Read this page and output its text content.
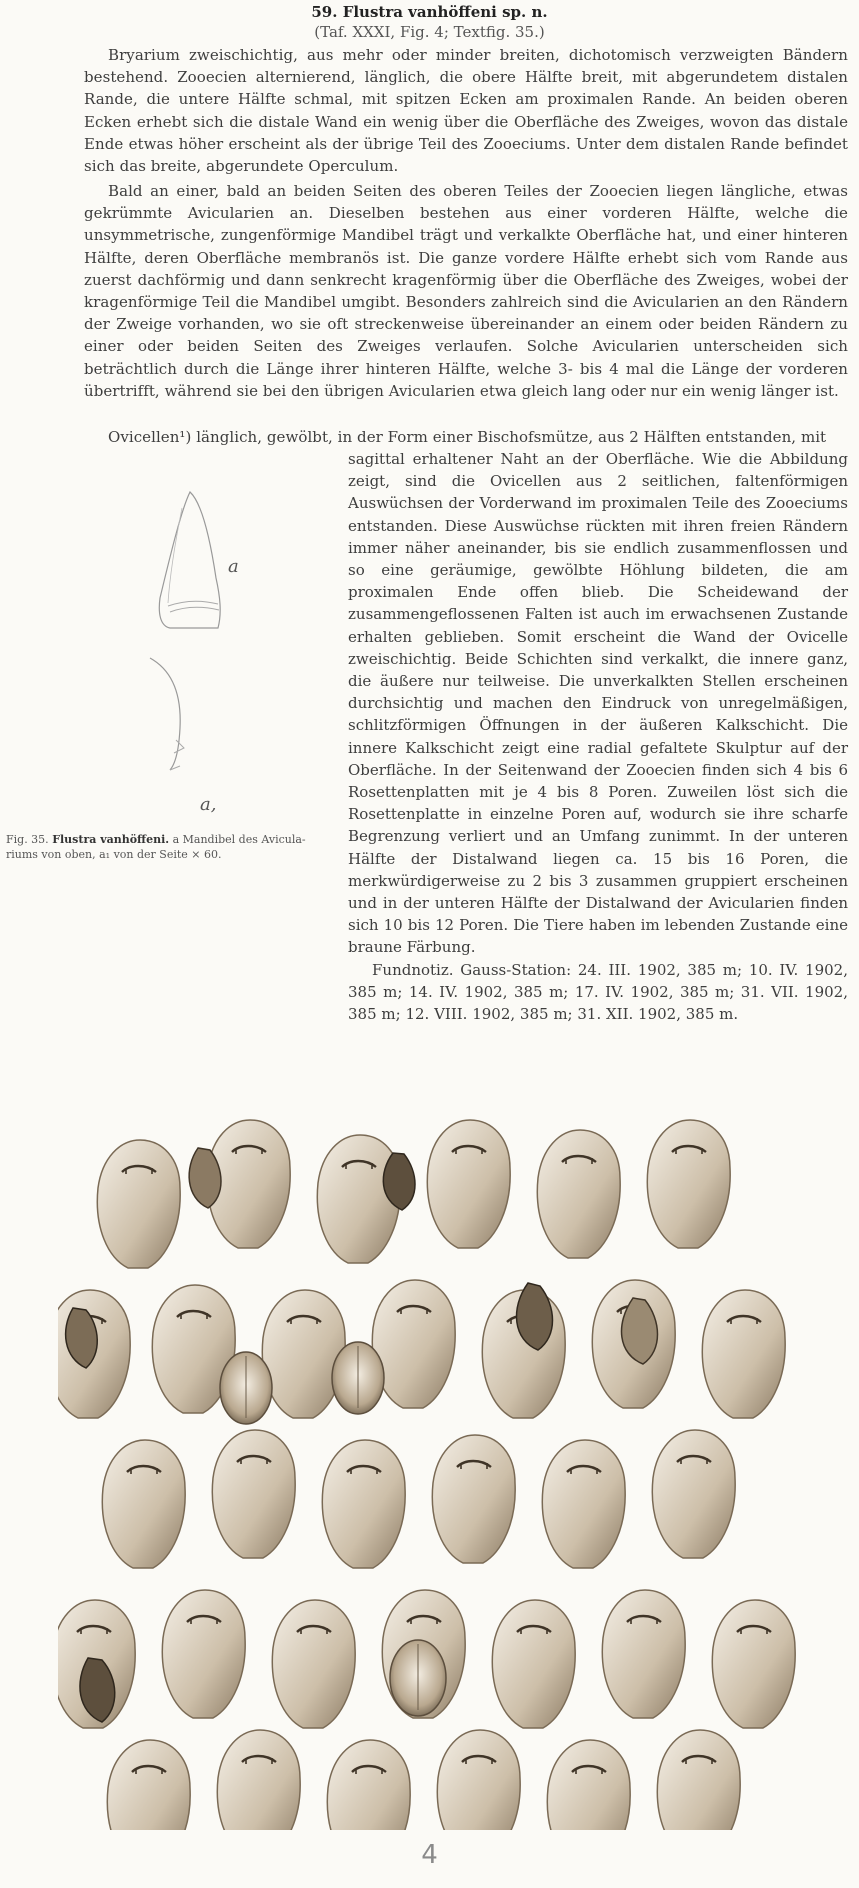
59. Flustra vanhöffeni sp. n.
(Taf. XXXI, Fig. 4; Textfig. 35.)
Bryarium zweischichtig, aus mehr oder minder breiten, dichotomisch verzweigten Bändern bestehend. Zooecien alternierend, länglich, die obere Hälfte breit, mit abgerundetem distalen Rande, die untere Hälfte schmal, mit spitzen Ecken am proximalen Rande. An beiden oberen Ecken erhebt sich die distale Wand ein wenig über die Oberfläche des Zweiges, wovon das distale Ende etwas höher erscheint als der übrige Teil des Zooeciums. Unter dem distalen Rande befindet sich das breite, abgerundete Operculum.
Bald an einer, bald an beiden Seiten des oberen Teiles der Zooecien liegen längliche, etwas gekrümmte Avicularien an. Dieselben bestehen aus einer vorderen Hälfte, welche die unsymmetrische, zungenförmige Mandibel trägt und verkalkte Oberfläche hat, und einer hinteren Hälfte, deren Oberfläche membranös ist. Die ganze vordere Hälfte erhebt sich vom Rande aus zuerst dachförmig und dann senkrecht kragenförmig über die Oberfläche des Zweiges, wobei der kragenförmige Teil die Mandibel umgibt. Besonders zahlreich sind die Avicularien an den Rändern der Zweige vorhanden, wo sie oft streckenweise übereinander an einem oder beiden Rändern zu einer oder beiden Seiten des Zweiges verlaufen. Solche Avicularien unterscheiden sich beträchtlich durch die Länge ihrer hinteren Hälfte, welche 3- bis 4 mal die Länge der vorderen übertrifft, während sie bei den übrigen Avicularien etwa gleich lang oder nur ein wenig länger ist.
Ovicellen¹) länglich, gewölbt, in der Form einer Bischofsmütze, aus 2 Hälften entstanden, mit

sagittal erhaltener Naht an der Oberfläche. Wie die Abbildung zeigt, sind die Ovicellen aus 2 seitlichen, faltenförmigen Auswüchsen der Vorderwand im proximalen Teile des Zooeciums entstanden. Diese Auswüchse rückten mit ihren freien Rändern immer näher aneinander, bis sie endlich zusammenflossen und so eine geräumige, gewölbte Höhlung bildeten, die am proximalen Ende offen blieb. Die Scheidewand der zusammengeflossenen Falten ist auch im erwachsenen Zustande erhalten geblieben. Somit erscheint die Wand der Ovicelle zweischichtig. Beide Schichten sind verkalkt, die innere ganz, die äußere nur teilweise. Die unverkalkten Stellen erscheinen durchsichtig und machen den Eindruck von unregelmäßigen, schlitzförmigen Öffnungen in der äußeren Kalkschicht. Die innere Kalkschicht zeigt eine radial gefaltete Skulptur auf der Oberfläche. In der Seitenwand der Zooecien finden sich 4 bis 6 Rosettenplatten mit je 4 bis 8 Poren. Zuweilen löst sich die Rosettenplatte in einzelne Poren auf, wodurch sie ihre scharfe Begrenzung verliert und an Umfang zunimmt. In der unteren Hälfte der Distalwand liegen ca. 15 bis 16 Poren, die merkwürdigerweise zu 2 bis 3 zusammen gruppiert erscheinen und in der unteren Hälfte der Distalwand der Avicularien finden sich 10 bis 12 Poren. Die Tiere haben im lebenden Zustande eine braune Färbung.

Fundnotiz. Gauss-Station: 24. III. 1902, 385 m; 10. IV. 1902, 385 m; 14. IV. 1902, 385 m; 17. IV. 1902, 385 m; 31. VII. 1902, 385 m; 12. VIII. 1902, 385 m; 31. XII. 1902, 385 m.

a
a,
Fig. 35. Flustra vanhöffeni. a Mandibel des Avicula-riums von oben, a₁ von der Seite × 60.
4
